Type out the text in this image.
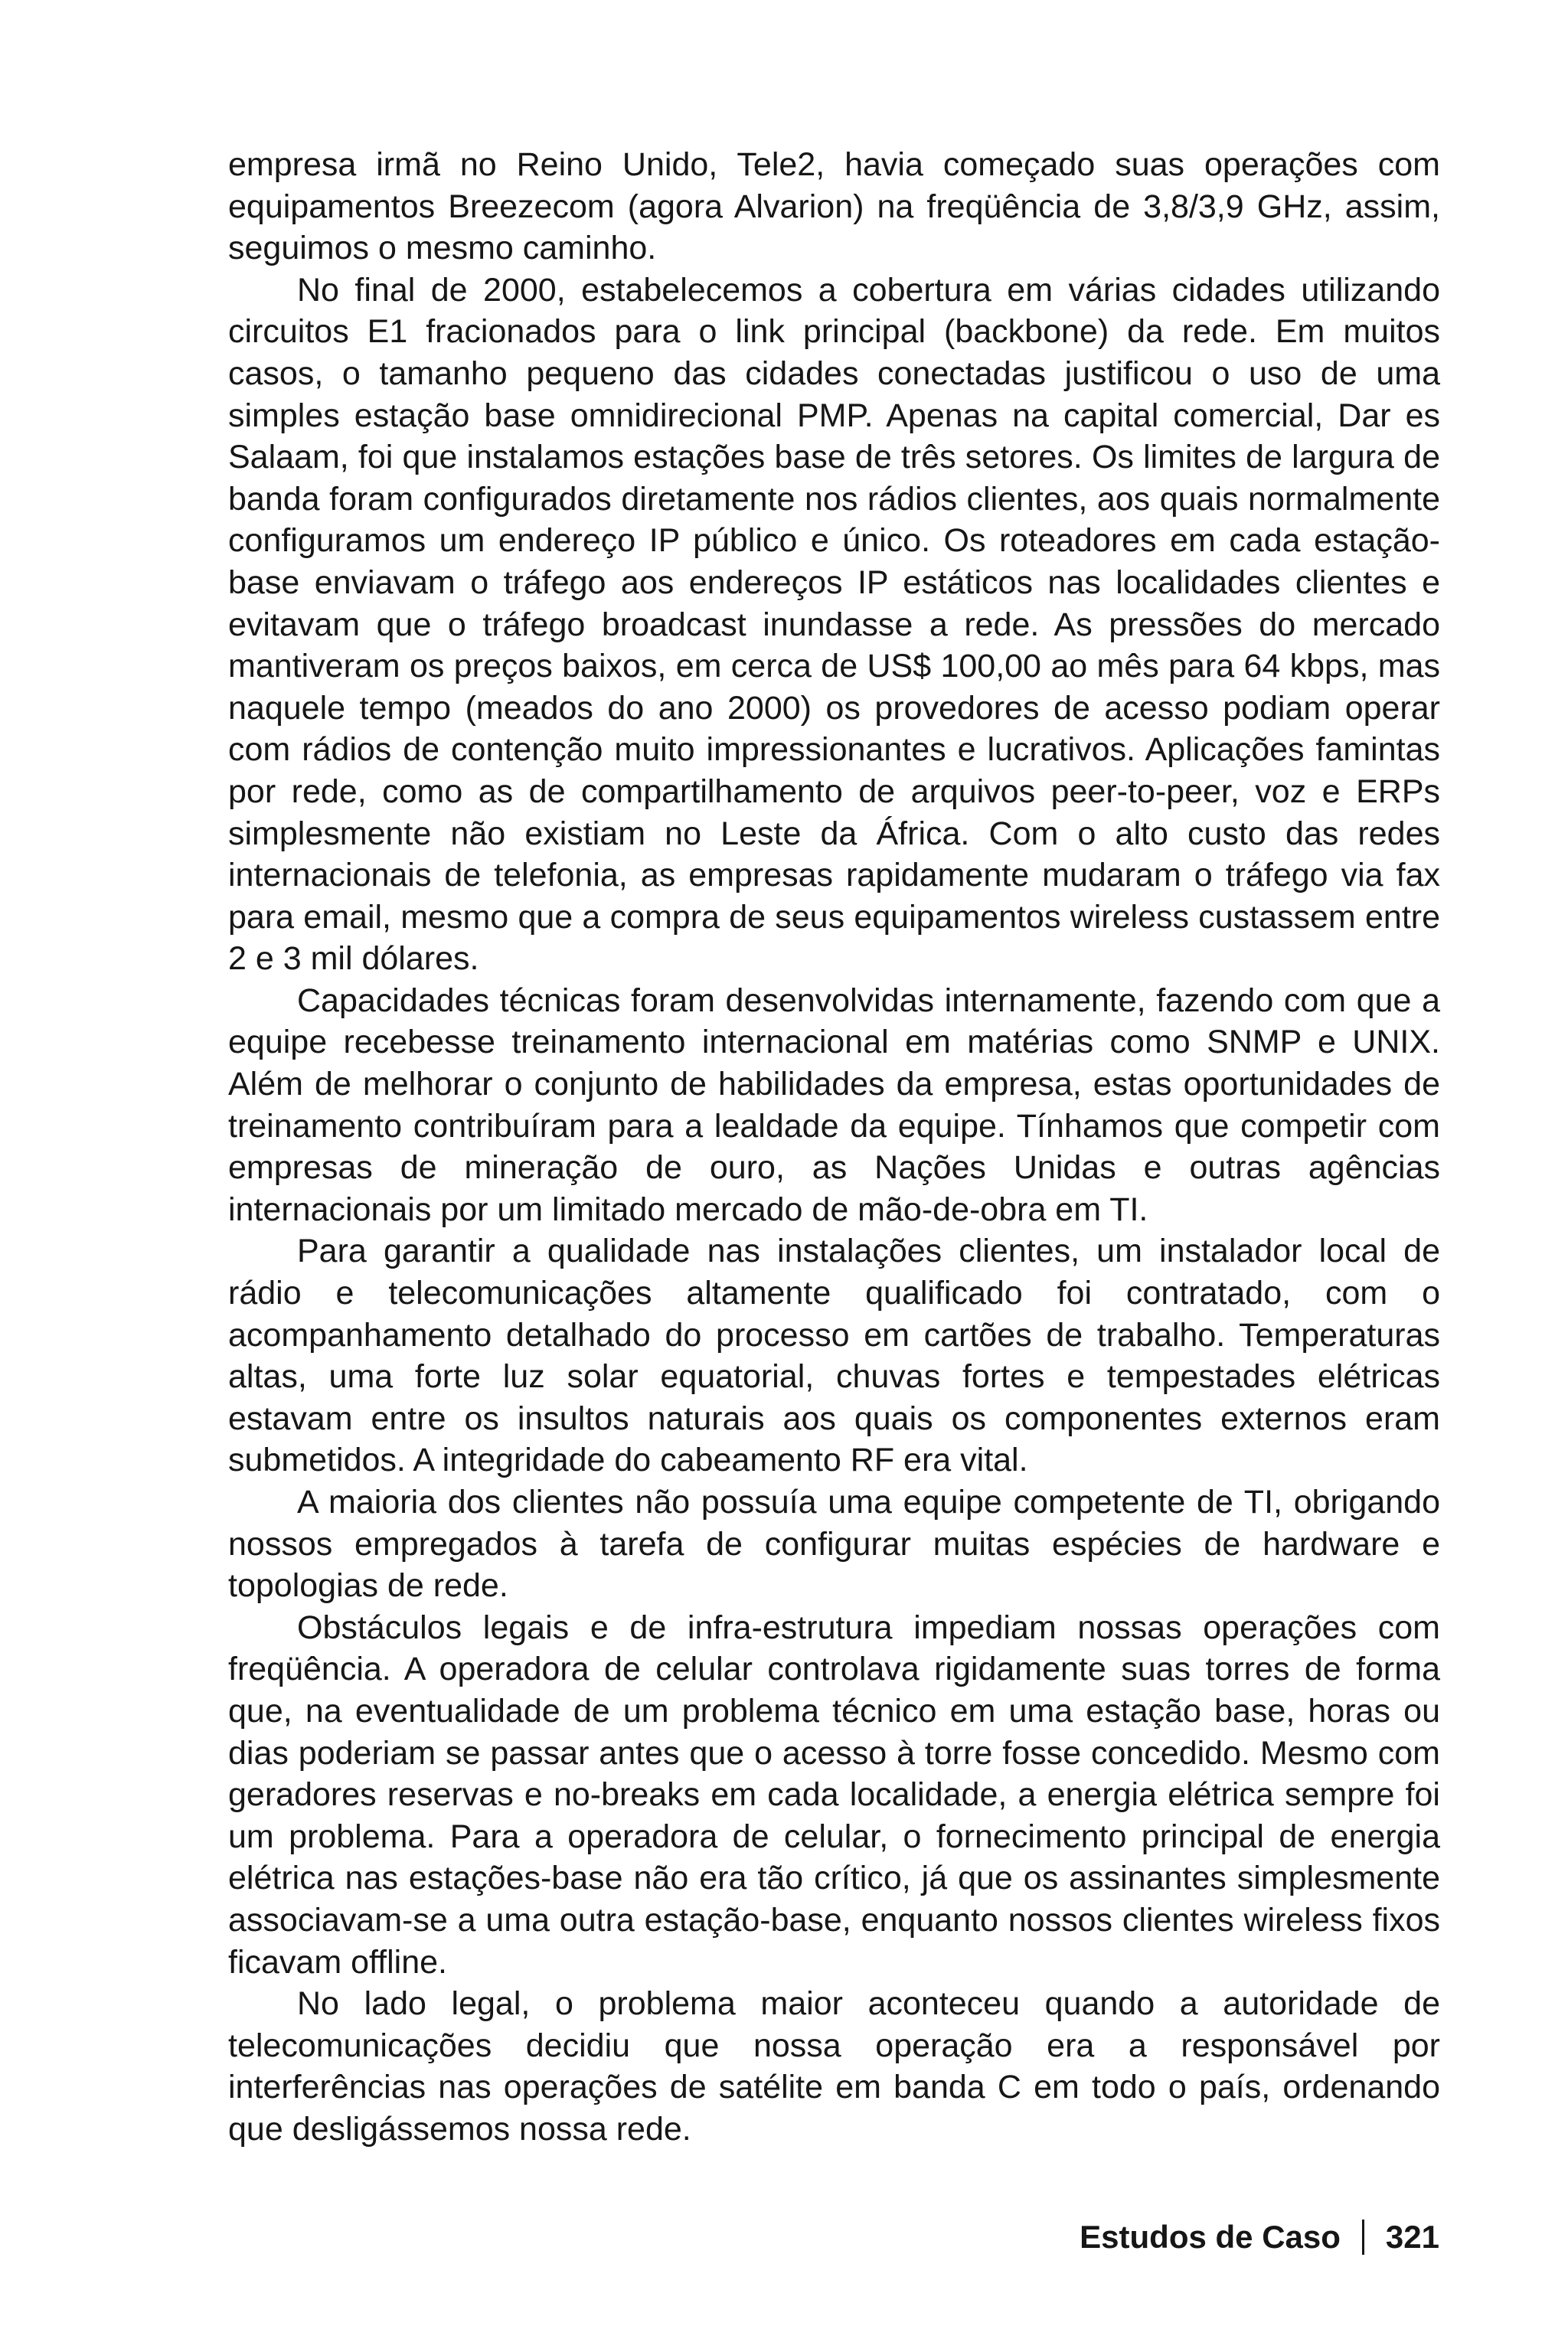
empresa irmã no Reino Unido, Tele2, havia começado suas operações com equipamentos Breezecom (agora Alvarion) na freqüência de 3,8/3,9 GHz, assim, seguimos o mesmo caminho.

No final de 2000, estabelecemos a cobertura em várias cidades utilizando circuitos E1 fracionados para o link principal (backbone) da rede. Em muitos casos, o tamanho pequeno das cidades conectadas justificou o uso de uma simples estação base omnidirecional PMP. Apenas na capital comercial, Dar es Salaam, foi que instalamos estações base de três setores. Os limites de largura de banda foram configurados diretamente nos rádios clientes, aos quais normalmente configuramos um endereço IP público e único. Os roteadores em cada estação-base enviavam o tráfego aos endereços IP estáticos nas localidades clientes e evitavam que o tráfego broadcast inundasse a rede. As pressões do mercado mantiveram os preços baixos, em cerca de US$ 100,00 ao mês para 64 kbps, mas naquele tempo (meados do ano 2000) os provedores de acesso podiam operar com rádios de contenção muito impressionantes e lucrativos. Aplicações famintas por rede, como as de compartilhamento de arquivos peer-to-peer, voz e ERPs simplesmente não existiam no Leste da África. Com o alto custo das redes internacionais de telefonia, as empresas rapidamente mudaram o tráfego via fax para email, mesmo que a compra de seus equipamentos wireless custassem entre 2 e 3 mil dólares.

Capacidades técnicas foram desenvolvidas internamente, fazendo com que a equipe recebesse treinamento internacional em matérias como SNMP e UNIX. Além de melhorar o conjunto de habilidades da empresa, estas oportunidades de treinamento contribuíram para a lealdade da equipe. Tínhamos que competir com empresas de mineração de ouro, as Nações Unidas e outras agências internacionais por um limitado mercado de mão-de-obra em TI.

Para garantir a qualidade nas instalações clientes, um instalador local de rádio e telecomunicações altamente qualificado foi contratado, com o acompanhamento detalhado do processo em cartões de trabalho. Temperaturas altas, uma forte luz solar equatorial, chuvas fortes e tempestades elétricas estavam entre os insultos naturais aos quais os componentes externos eram submetidos. A integridade do cabeamento RF era vital.

A maioria dos clientes não possuía uma equipe competente de TI, obrigando nossos empregados à tarefa de configurar muitas espécies de hardware e topologias de rede.

Obstáculos legais e de infra-estrutura impediam nossas operações com freqüência. A operadora de celular controlava rigidamente suas torres de forma que, na eventualidade de um problema técnico em uma estação base, horas ou dias poderiam se passar antes que o acesso à torre fosse concedido. Mesmo com geradores reservas e no-breaks em cada localidade, a energia elétrica sempre foi um problema. Para a operadora de celular, o fornecimento principal de energia elétrica nas estações-base não era tão crítico, já que os assinantes simplesmente associavam-se a uma outra estação-base, enquanto nossos clientes wireless fixos ficavam offline.

No lado legal, o problema maior aconteceu quando a autoridade de telecomunicações decidiu que nossa operação era a responsável por interferências nas operações de satélite em banda C em todo o país, ordenando que desligássemos nossa rede.

Estudos de Caso 321
